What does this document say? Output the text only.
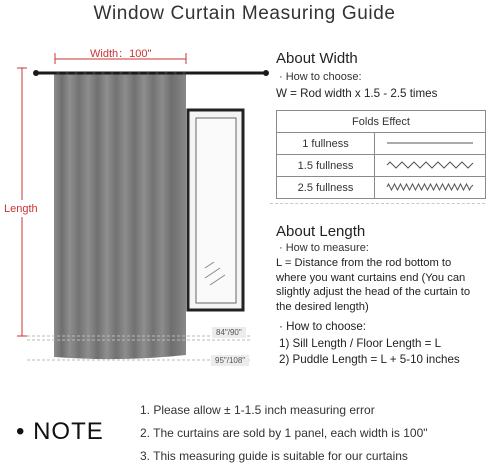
Window Curtain Measuring Guide
Width：100"
Length
84"/90"
95"/108"
About Width
· How to choose:
W = Rod width x 1.5 - 2.5 times
Folds Effect	
1 fullness	
1.5 fullness	
2.5 fullness	
About Length
· How to measure:
L = Distance from the rod bottom to
where you want curtains end (You can
slightly adjust the head of the curtain to
the desired length)
· How to choose:
1) Sill Length / Floor Length = L
2) Puddle Length = L + 5-10 inches
• NOTE
1. Please allow ± 1-1.5 inch measuring error
2. The curtains are sold by 1 panel, each width is 100"
3. This measuring guide is suitable for our curtains
